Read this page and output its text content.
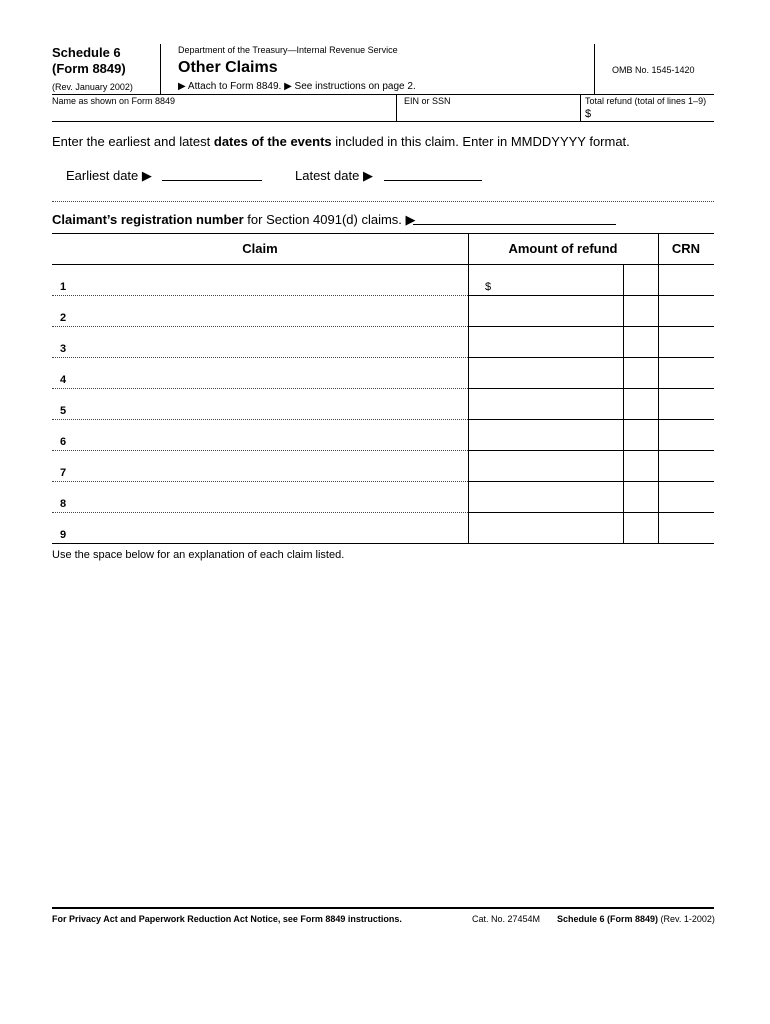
Schedule 6
(Form 8849)
(Rev. January 2002)
Department of the Treasury—Internal Revenue Service
Other Claims
▶ Attach to Form 8849. ▶ See instructions on page 2.
OMB No. 1545-1420
Name as shown on Form 8849	EIN or SSN	Total refund (total of lines 1–9)
$
Enter the earliest and latest dates of the events included in this claim. Enter in MMDDYYYY format.
Earliest date ▶	Latest date ▶
Claimant’s registration number for Section 4091(d) claims. ▶
Claim	Amount of refund	CRN
1	$
2
3
4
5
6
7
8
9
Use the space below for an explanation of each claim listed.
For Privacy Act and Paperwork Reduction Act Notice, see Form 8849 instructions.	Cat. No. 27454M Schedule 6 (Form 8849) (Rev. 1-2002)
